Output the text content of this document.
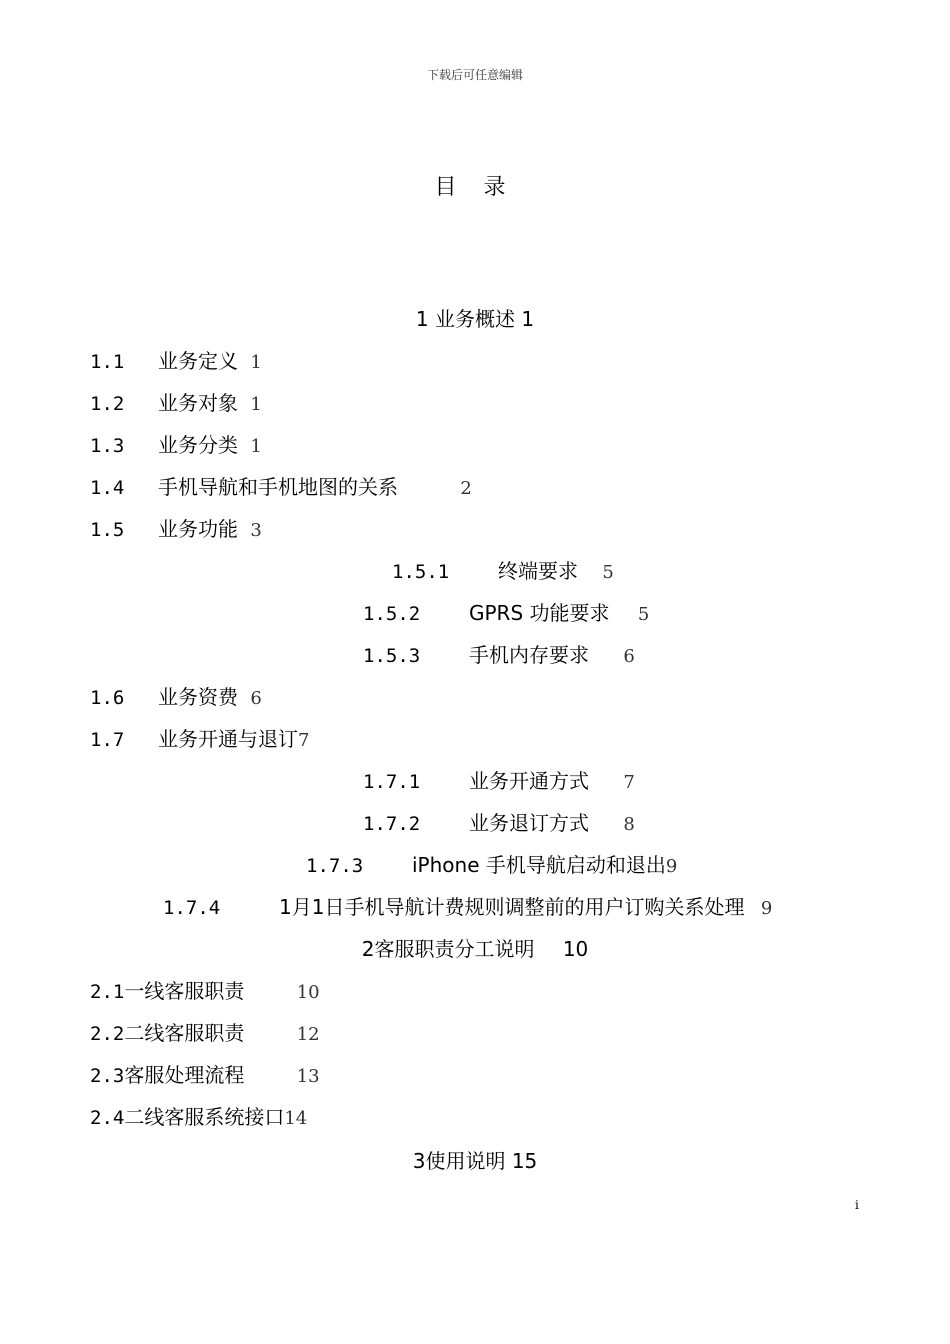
下载后可任意编辑
目 录
1 业务概述 1
1.1 业务定义 1
1.2 业务对象 1
1.3 业务分类 1
1.4 手机导航和手机地图的关系	2
1.5 业务功能 3
1.5.1 终端要求 5
1.5.2 GPRS 功能要求 5
1.5.3 手机内存要求 6
1.6 业务资费 6
1.7 业务开通与退订7
1.7.1 业务开通方式 7
1.7.2 业务退订方式 8
1.7.3 iPhone 手机导航启动和退出9
1.7.4	1月1日手机导航计费规则调整前的用户订购关系处理 9
2客服职责分工说明 10
2.1一线客服职责	10
2.2二线客服职责	12
2.3客服处理流程	13
2.4二线客服系统接口14
3使用说明 15
i
